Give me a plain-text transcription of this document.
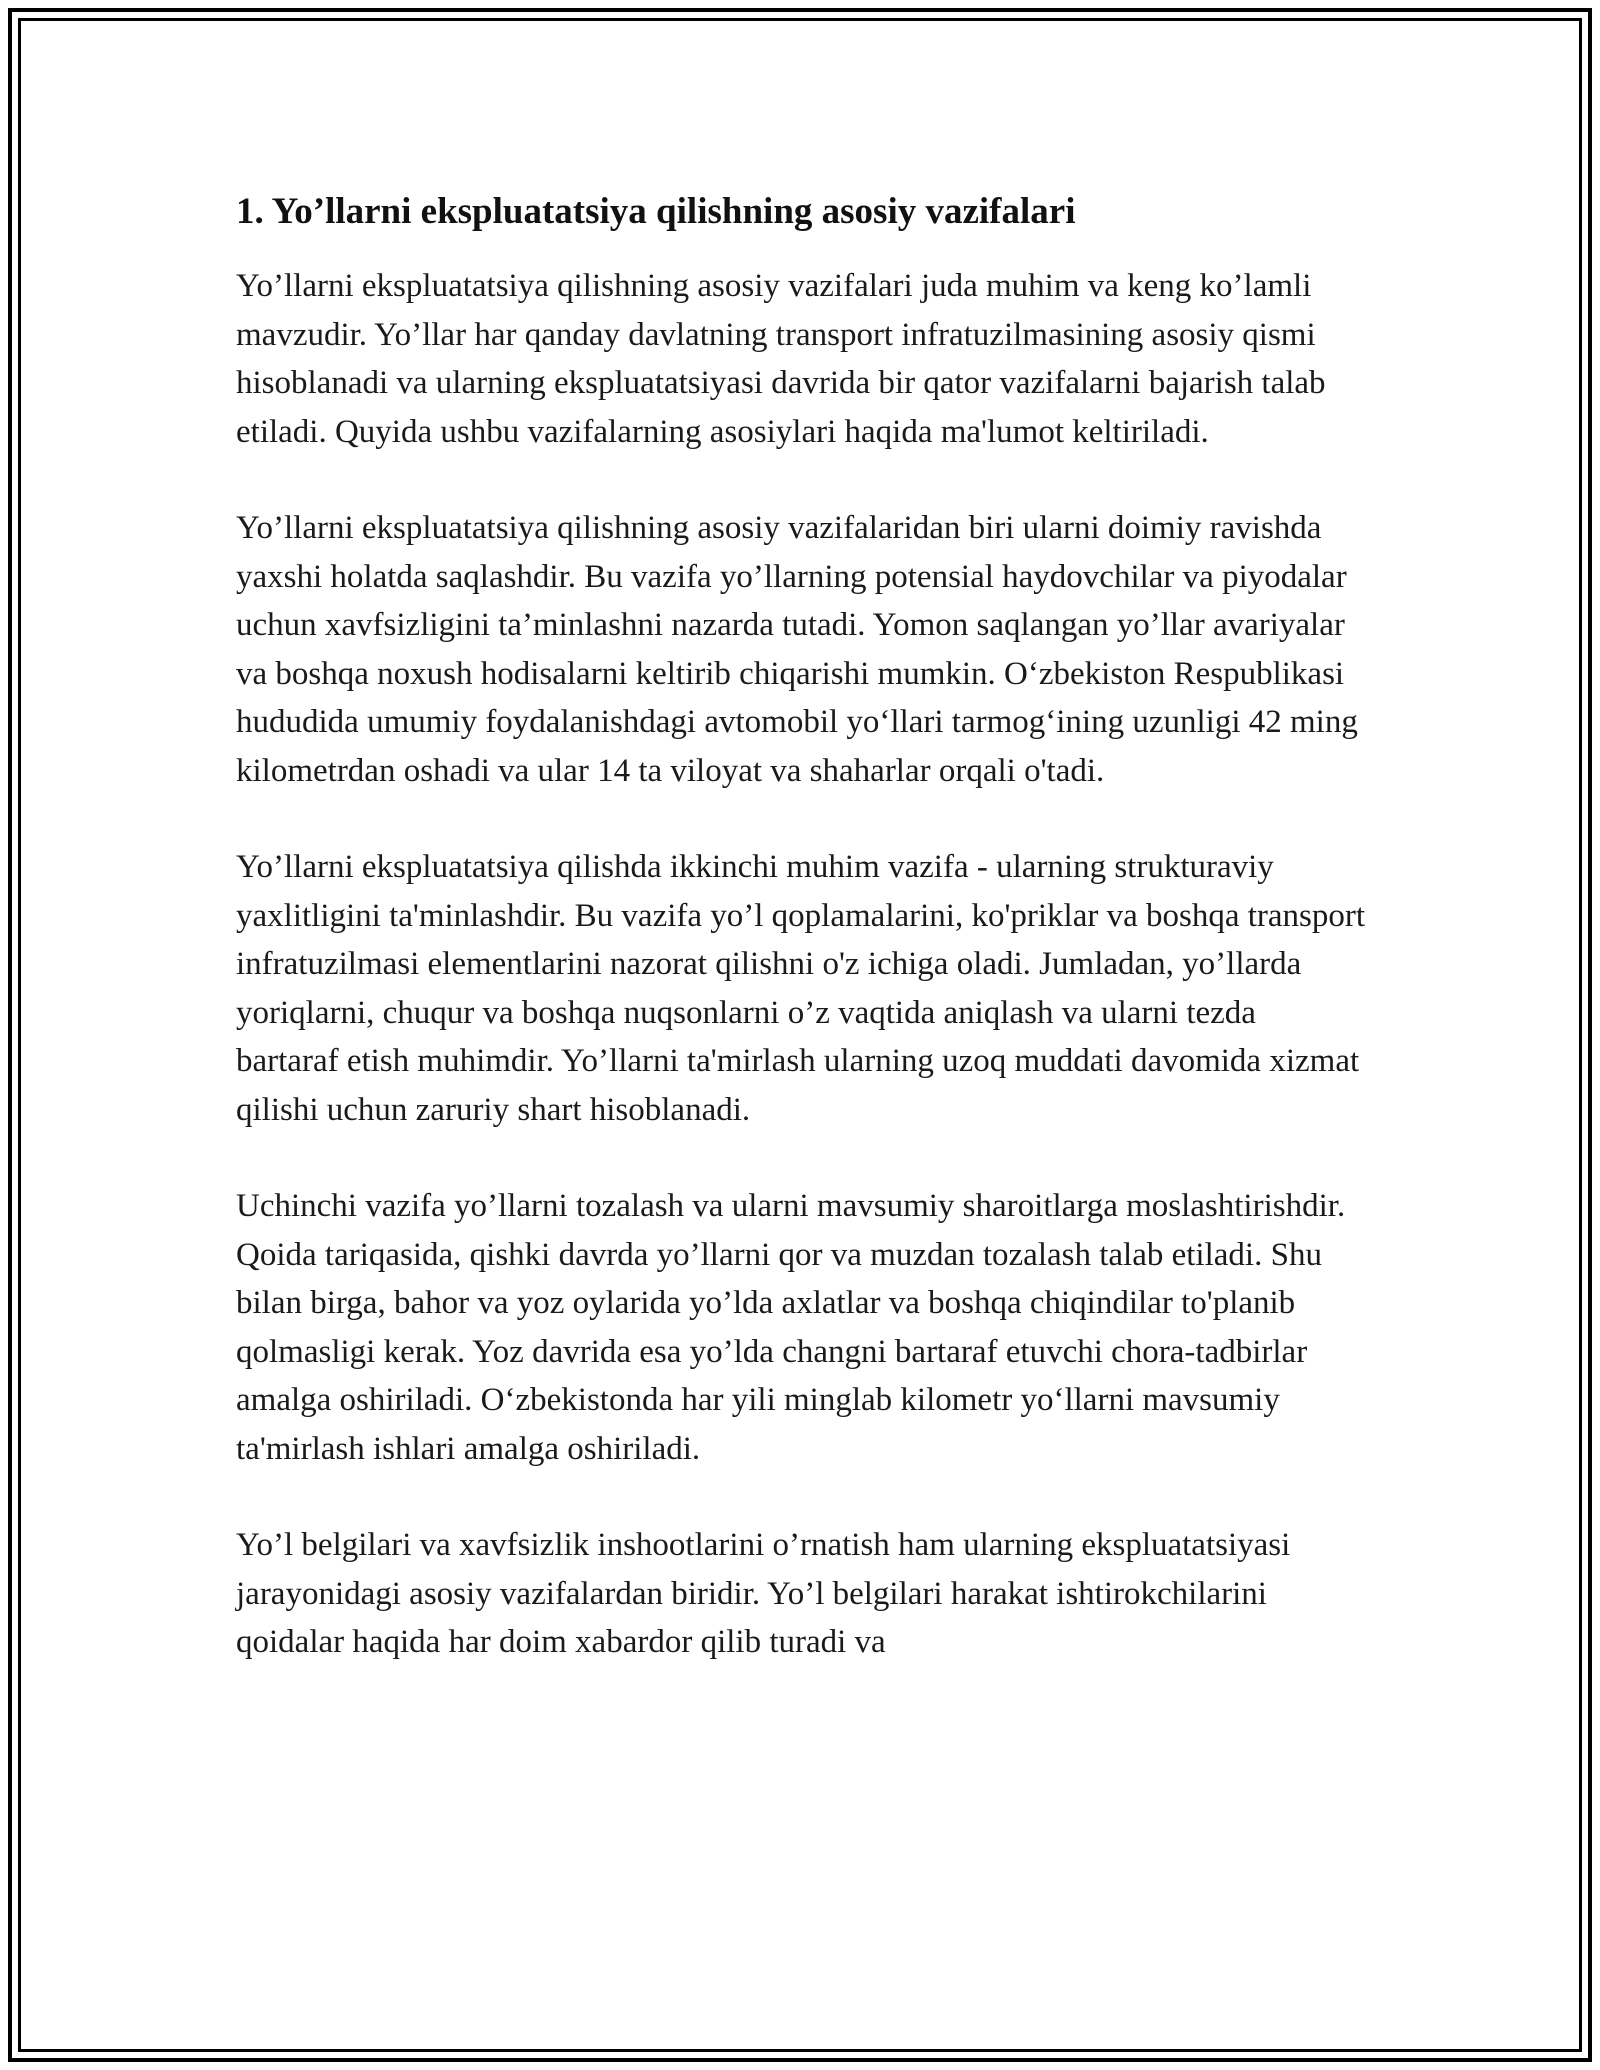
1. Yo’llarni ekspluatatsiya qilishning asosiy vazifalari

Yo’llarni ekspluatatsiya qilishning asosiy vazifalari juda muhim va keng ko’lamli mavzudir. Yo’llar har qanday davlatning transport infratuzilmasining asosiy qismi hisoblanadi va ularning ekspluatatsiyasi davrida bir qator vazifalarni bajarish talab etiladi. Quyida ushbu vazifalarning asosiylari haqida ma'lumot keltiriladi.

Yo’llarni ekspluatatsiya qilishning asosiy vazifalaridan biri ularni doimiy ravishda yaxshi holatda saqlashdir. Bu vazifa yo’llarning potensial haydovchilar va piyodalar uchun xavfsizligini ta’minlashni nazarda tutadi. Yomon saqlangan yo’llar avariyalar va boshqa noxush hodisalarni keltirib chiqarishi mumkin. O‘zbekiston Respublikasi hududida umumiy foydalanishdagi avtomobil yo‘llari tarmog‘ining uzunligi 42 ming kilometrdan oshadi va ular 14 ta viloyat va shaharlar orqali o'tadi.

Yo’llarni ekspluatatsiya qilishda ikkinchi muhim vazifa - ularning strukturaviy yaxlitligini ta'minlashdir. Bu vazifa yo’l qoplamalarini, ko'priklar va boshqa transport infratuzilmasi elementlarini nazorat qilishni o'z ichiga oladi. Jumladan, yo’llarda yoriqlarni, chuqur va boshqa nuqsonlarni o’z vaqtida aniqlash va ularni tezda bartaraf etish muhimdir. Yo’llarni ta'mirlash ularning uzoq muddati davomida xizmat qilishi uchun zaruriy shart hisoblanadi.

Uchinchi vazifa yo’llarni tozalash va ularni mavsumiy sharoitlarga moslashtirishdir. Qoida tariqasida, qishki davrda yo’llarni qor va muzdan tozalash talab etiladi. Shu bilan birga, bahor va yoz oylarida yo’lda axlatlar va boshqa chiqindilar to'planib qolmasligi kerak. Yoz davrida esa yo’lda changni bartaraf etuvchi chora-tadbirlar amalga oshiriladi. O‘zbekistonda har yili minglab kilometr yo‘llarni mavsumiy ta'mirlash ishlari amalga oshiriladi.

Yo’l belgilari va xavfsizlik inshootlarini o’rnatish ham ularning ekspluatatsiyasi jarayonidagi asosiy vazifalardan biridir. Yo’l belgilari harakat ishtirokchilarini qoidalar haqida har doim xabardor qilib turadi va
